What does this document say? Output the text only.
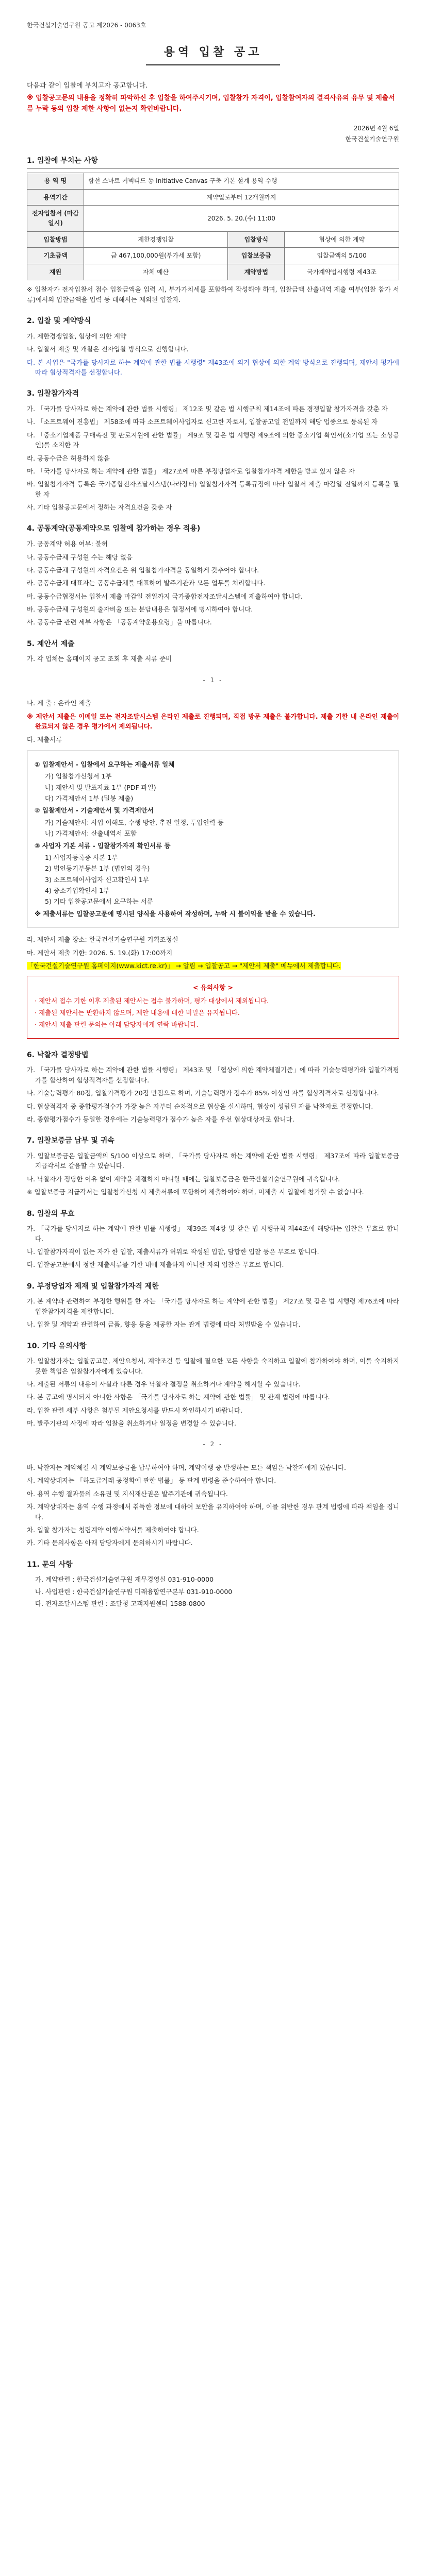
한국건설기술연구원 공고 제2026 - 0063호
용역 입찰 공고
다음과 같이 입찰에 부치고자 공고합니다.
※ 입찰공고문의 내용을 정확히 파악하신 후 입찰을 하여주시기며, 입찰참가 자격이, 입찰참여자의 결격사유의 유무 및 제출서류 누락 등의 입찰 제한 사항이 없는지 확인바랍니다.
2026년 4월 6일
한국건설기술연구원
1. 입찰에 부치는 사항
용 역 명	함선 스마트 커넥티드 동 Initiative Canvas 구축 기본 설계 용역 수행		
용역기간	계약일로부터 12개월까지		
전자입찰서 (마감일시)	2026. 5. 20.(수) 11:00		
입찰방법	제한경쟁입찰	입찰방식	협상에 의한 계약
기초금액	금 467,100,000원(부가세 포함)	입찰보증금	입찰금액의 5/100
재원	자체 예산	계약방법	국가계약법시행령 제43조
※ 입찰자가 전자입찰서 접수 입찰금액을 입력 시, 부가가치세를 포함하여 작성해야 하며, 입찰금액 산출내역 제출 여부(입찰 참가 서류)에서의 입찰금액을 입력 등 대해서는 제외된 입찰자.
2. 입찰 및 계약방식
가. 제한경쟁입찰, 협상에 의한 계약
나. 입찰서 제출 및 개찰은 전자입찰 방식으로 진행합니다.
다. 본 사업은 "국가를 당사자로 하는 계약에 관한 법률 시행령" 제43조에 의거 협상에 의한 계약 방식으로 진행되며, 제안서 평가에 따라 협상적격자를 선정합니다.
3. 입찰참가자격
가. 「국가를 당사자로 하는 계약에 관한 법률 시행령」 제12조 및 같은 법 시행규칙 제14조에 따른 경쟁입찰 참가자격을 갖춘 자
나. 「소프트웨어 진흥법」 제58조에 따라 소프트웨어사업자로 신고한 자로서, 입찰공고일 전일까지 해당 업종으로 등록된 자
다. 「중소기업제품 구매촉진 및 판로지원에 관한 법률」 제9조 및 같은 법 시행령 제9조에 의한 중소기업 확인서(소기업 또는 소상공인)를 소지한 자
라. 공동수급은 허용하지 않음
마. 「국가를 당사자로 하는 계약에 관한 법률」 제27조에 따른 부정당업자로 입찰참가자격 제한을 받고 있지 않은 자
바. 입찰참가자격 등록은 국가종합전자조달시스템(나라장터) 입찰참가자격 등록규정에 따라 입찰서 제출 마감일 전일까지 등록을 필한 자
사. 기타 입찰공고문에서 정하는 자격요건을 갖춘 자
4. 공동계약(공동계약으로 입찰에 참가하는 경우 적용)
가. 공동계약 허용 여부: 불허
나. 공동수급체 구성원 수는 해당 없음
다. 공동수급체 구성원의 자격요건은 위 입찰참가자격을 동일하게 갖추어야 합니다.
라. 공동수급체 대표자는 공동수급체를 대표하여 발주기관과 모든 업무를 처리합니다.
마. 공동수급협정서는 입찰서 제출 마감일 전일까지 국가종합전자조달시스템에 제출하여야 합니다.
바. 공동수급체 구성원의 출자비율 또는 분담내용은 협정서에 명시하여야 합니다.
사. 공동수급 관련 세부 사항은 「공동계약운용요령」을 따릅니다.
5. 제안서 제출
가. 각 업체는 홈페이지 공고 조회 후 제출 서류 준비
- 1 -
나. 제 출 : 온라인 제출
※ 제안서 제출은 이메일 또는 전자조달시스템 온라인 제출로 진행되며, 직접 방문 제출은 불가합니다. 제출 기한 내 온라인 제출이 완료되지 않은 경우 평가에서 제외됩니다.
다. 제출서류
① 입찰제안서 - 입찰에서 요구하는 제출서류 일체
가) 입찰참가신청서 1부
나) 제안서 및 발표자료 1부 (PDF 파일)
다) 가격제안서 1부 (밀봉 제출)
② 입찰제안서 - 기술제안서 및 가격제안서
가) 기술제안서: 사업 이해도, 수행 방안, 추진 일정, 투입인력 등
나) 가격제안서: 산출내역서 포함
③ 사업자 기본 서류 - 입찰참가자격 확인서류 등
1) 사업자등록증 사본 1부
2) 법인등기부등본 1부 (법인의 경우)
3) 소프트웨어사업자 신고확인서 1부
4) 중소기업확인서 1부
5) 기타 입찰공고문에서 요구하는 서류
※ 제출서류는 입찰공고문에 명시된 양식을 사용하여 작성하며, 누락 시 불이익을 받을 수 있습니다.
라. 제안서 제출 장소: 한국건설기술연구원 기획조정실
마. 제안서 제출 기한: 2026. 5. 19.(화) 17:00까지
「한국건설기술연구원 홈페이지(www.kict.re.kr)」 → 알림 → 입찰공고 → "제안서 제출" 메뉴에서 제출합니다.
< 유의사항 >
· 제안서 접수 기한 이후 제출된 제안서는 접수 불가하며, 평가 대상에서 제외됩니다.
· 제출된 제안서는 반환하지 않으며, 제안 내용에 대한 비밀은 유지됩니다.
· 제안서 제출 관련 문의는 아래 담당자에게 연락 바랍니다.
6. 낙찰자 결정방법
가. 「국가를 당사자로 하는 계약에 관한 법률 시행령」 제43조 및 「협상에 의한 계약체결기준」에 따라 기술능력평가와 입찰가격평가를 합산하여 협상적격자를 선정합니다.
나. 기술능력평가 80점, 입찰가격평가 20점 만점으로 하며, 기술능력평가 점수가 85% 이상인 자를 협상적격자로 선정합니다.
다. 협상적격자 중 종합평가점수가 가장 높은 자부터 순차적으로 협상을 실시하며, 협상이 성립된 자를 낙찰자로 결정합니다.
라. 종합평가점수가 동일한 경우에는 기술능력평가 점수가 높은 자를 우선 협상대상자로 합니다.
7. 입찰보증금 납부 및 귀속
가. 입찰보증금은 입찰금액의 5/100 이상으로 하며, 「국가를 당사자로 하는 계약에 관한 법률 시행령」 제37조에 따라 입찰보증금 지급각서로 갈음할 수 있습니다.
나. 낙찰자가 정당한 이유 없이 계약을 체결하지 아니할 때에는 입찰보증금은 한국건설기술연구원에 귀속됩니다.
※ 입찰보증금 지급각서는 입찰참가신청 시 제출서류에 포함하여 제출하여야 하며, 미제출 시 입찰에 참가할 수 없습니다.
8. 입찰의 무효
가. 「국가를 당사자로 하는 계약에 관한 법률 시행령」 제39조 제4항 및 같은 법 시행규칙 제44조에 해당하는 입찰은 무효로 합니다.
나. 입찰참가자격이 없는 자가 한 입찰, 제출서류가 허위로 작성된 입찰, 담합한 입찰 등은 무효로 합니다.
다. 입찰공고문에서 정한 제출서류를 기한 내에 제출하지 아니한 자의 입찰은 무효로 합니다.
9. 부정당업자 제재 및 입찰참가자격 제한
가. 본 계약과 관련하여 부정한 행위를 한 자는 「국가를 당사자로 하는 계약에 관한 법률」 제27조 및 같은 법 시행령 제76조에 따라 입찰참가자격을 제한합니다.
나. 입찰 및 계약과 관련하여 금품, 향응 등을 제공한 자는 관계 법령에 따라 처벌받을 수 있습니다.
10. 기타 유의사항
가. 입찰참가자는 입찰공고문, 제안요청서, 계약조건 등 입찰에 필요한 모든 사항을 숙지하고 입찰에 참가하여야 하며, 이를 숙지하지 못한 책임은 입찰참가자에게 있습니다.
나. 제출된 서류의 내용이 사실과 다른 경우 낙찰자 결정을 취소하거나 계약을 해지할 수 있습니다.
다. 본 공고에 명시되지 아니한 사항은 「국가를 당사자로 하는 계약에 관한 법률」 및 관계 법령에 따릅니다.
라. 입찰 관련 세부 사항은 첨부된 제안요청서를 반드시 확인하시기 바랍니다.
마. 발주기관의 사정에 따라 입찰을 취소하거나 일정을 변경할 수 있습니다.
- 2 -
바. 낙찰자는 계약체결 시 계약보증금을 납부하여야 하며, 계약이행 중 발생하는 모든 책임은 낙찰자에게 있습니다.
사. 계약상대자는 「하도급거래 공정화에 관한 법률」 등 관계 법령을 준수하여야 합니다.
아. 용역 수행 결과물의 소유권 및 지식재산권은 발주기관에 귀속됩니다.
자. 계약상대자는 용역 수행 과정에서 취득한 정보에 대하여 보안을 유지하여야 하며, 이를 위반한 경우 관계 법령에 따라 책임을 집니다.
차. 입찰 참가자는 청렴계약 이행서약서를 제출하여야 합니다.
카. 기타 문의사항은 아래 담당자에게 문의하시기 바랍니다.
11. 문의 사항
가. 계약관련 : 한국건설기술연구원 재무경영실 031-910-0000
나. 사업관련 : 한국건설기술연구원 미래융합연구본부 031-910-0000
다. 전자조달시스템 관련 : 조달청 고객지원센터 1588-0800
